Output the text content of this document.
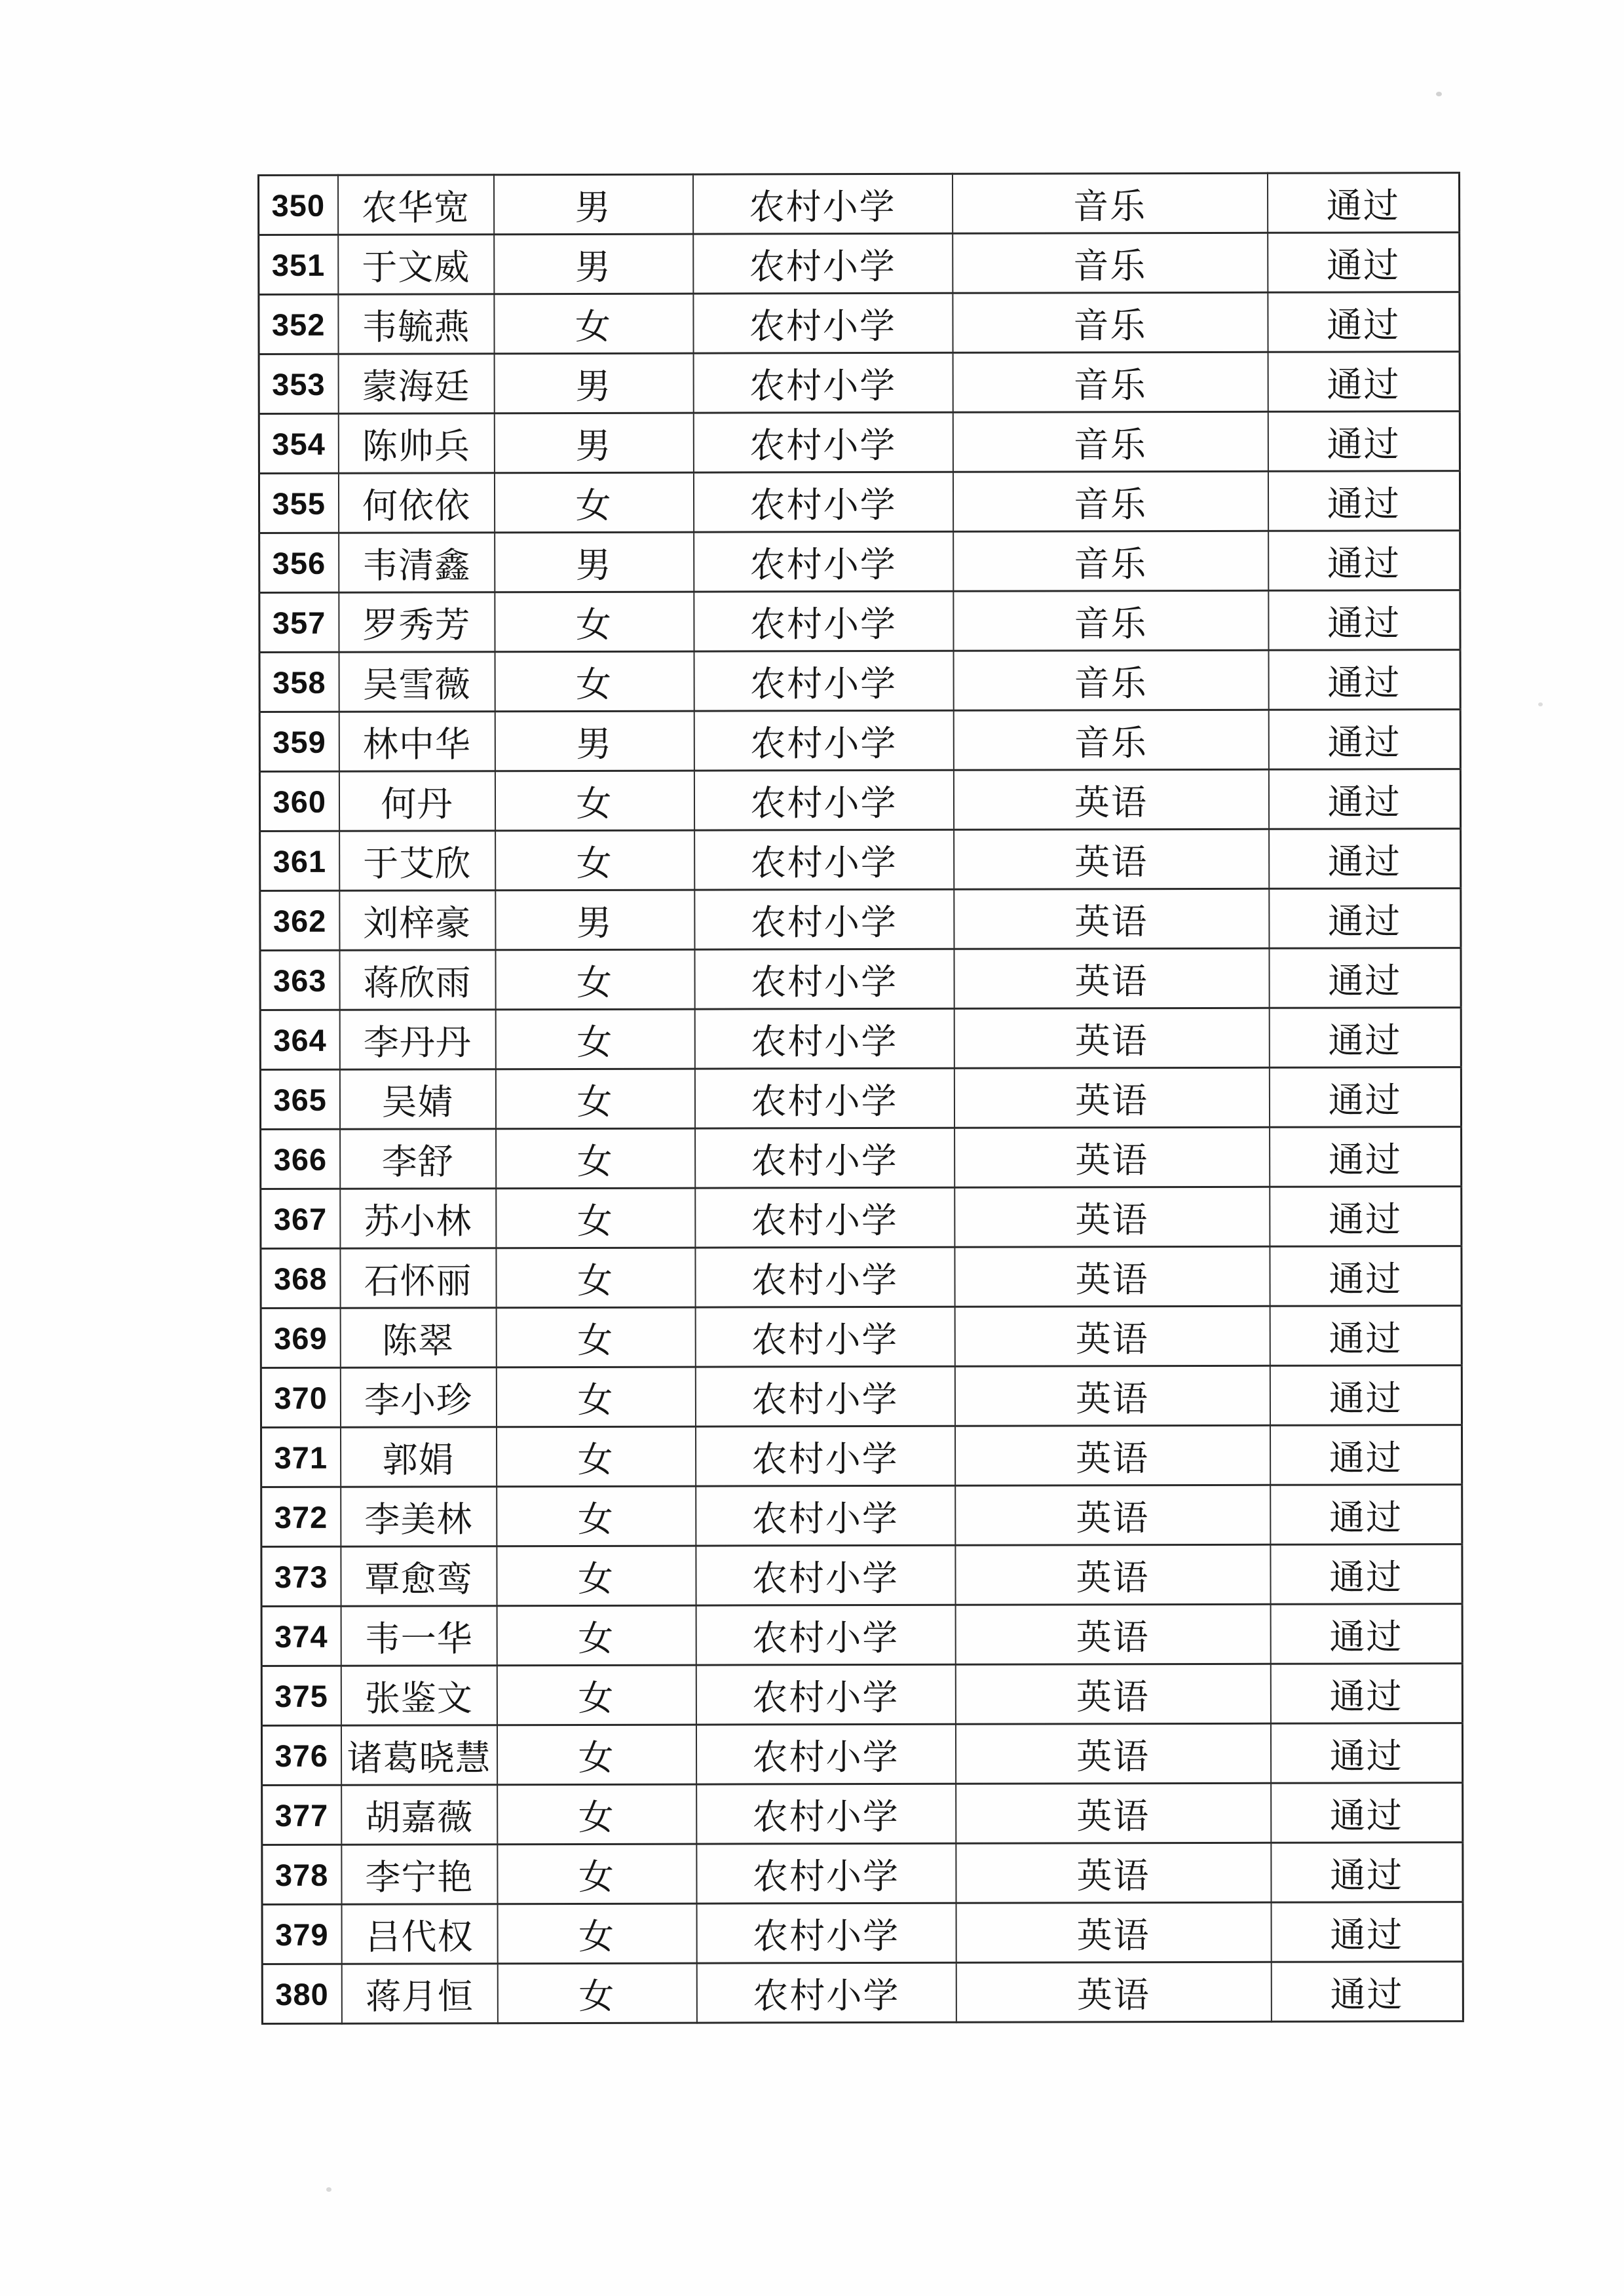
350	农华宽	男	农村小学	音乐	通过
351	于文威	男	农村小学	音乐	通过
352	韦毓燕	女	农村小学	音乐	通过
353	蒙海廷	男	农村小学	音乐	通过
354	陈帅兵	男	农村小学	音乐	通过
355	何依依	女	农村小学	音乐	通过
356	韦清鑫	男	农村小学	音乐	通过
357	罗秀芳	女	农村小学	音乐	通过
358	吴雪薇	女	农村小学	音乐	通过
359	林中华	男	农村小学	音乐	通过
360	何丹	女	农村小学	英语	通过
361	于艾欣	女	农村小学	英语	通过
362	刘梓豪	男	农村小学	英语	通过
363	蒋欣雨	女	农村小学	英语	通过
364	李丹丹	女	农村小学	英语	通过
365	吴婧	女	农村小学	英语	通过
366	李舒	女	农村小学	英语	通过
367	苏小林	女	农村小学	英语	通过
368	石怀丽	女	农村小学	英语	通过
369	陈翠	女	农村小学	英语	通过
370	李小珍	女	农村小学	英语	通过
371	郭娟	女	农村小学	英语	通过
372	李美林	女	农村小学	英语	通过
373	覃愈鸾	女	农村小学	英语	通过
374	韦一华	女	农村小学	英语	通过
375	张鉴文	女	农村小学	英语	通过
376	诸葛晓慧	女	农村小学	英语	通过
377	胡嘉薇	女	农村小学	英语	通过
378	李宁艳	女	农村小学	英语	通过
379	吕代权	女	农村小学	英语	通过
380	蒋月恒	女	农村小学	英语	通过
